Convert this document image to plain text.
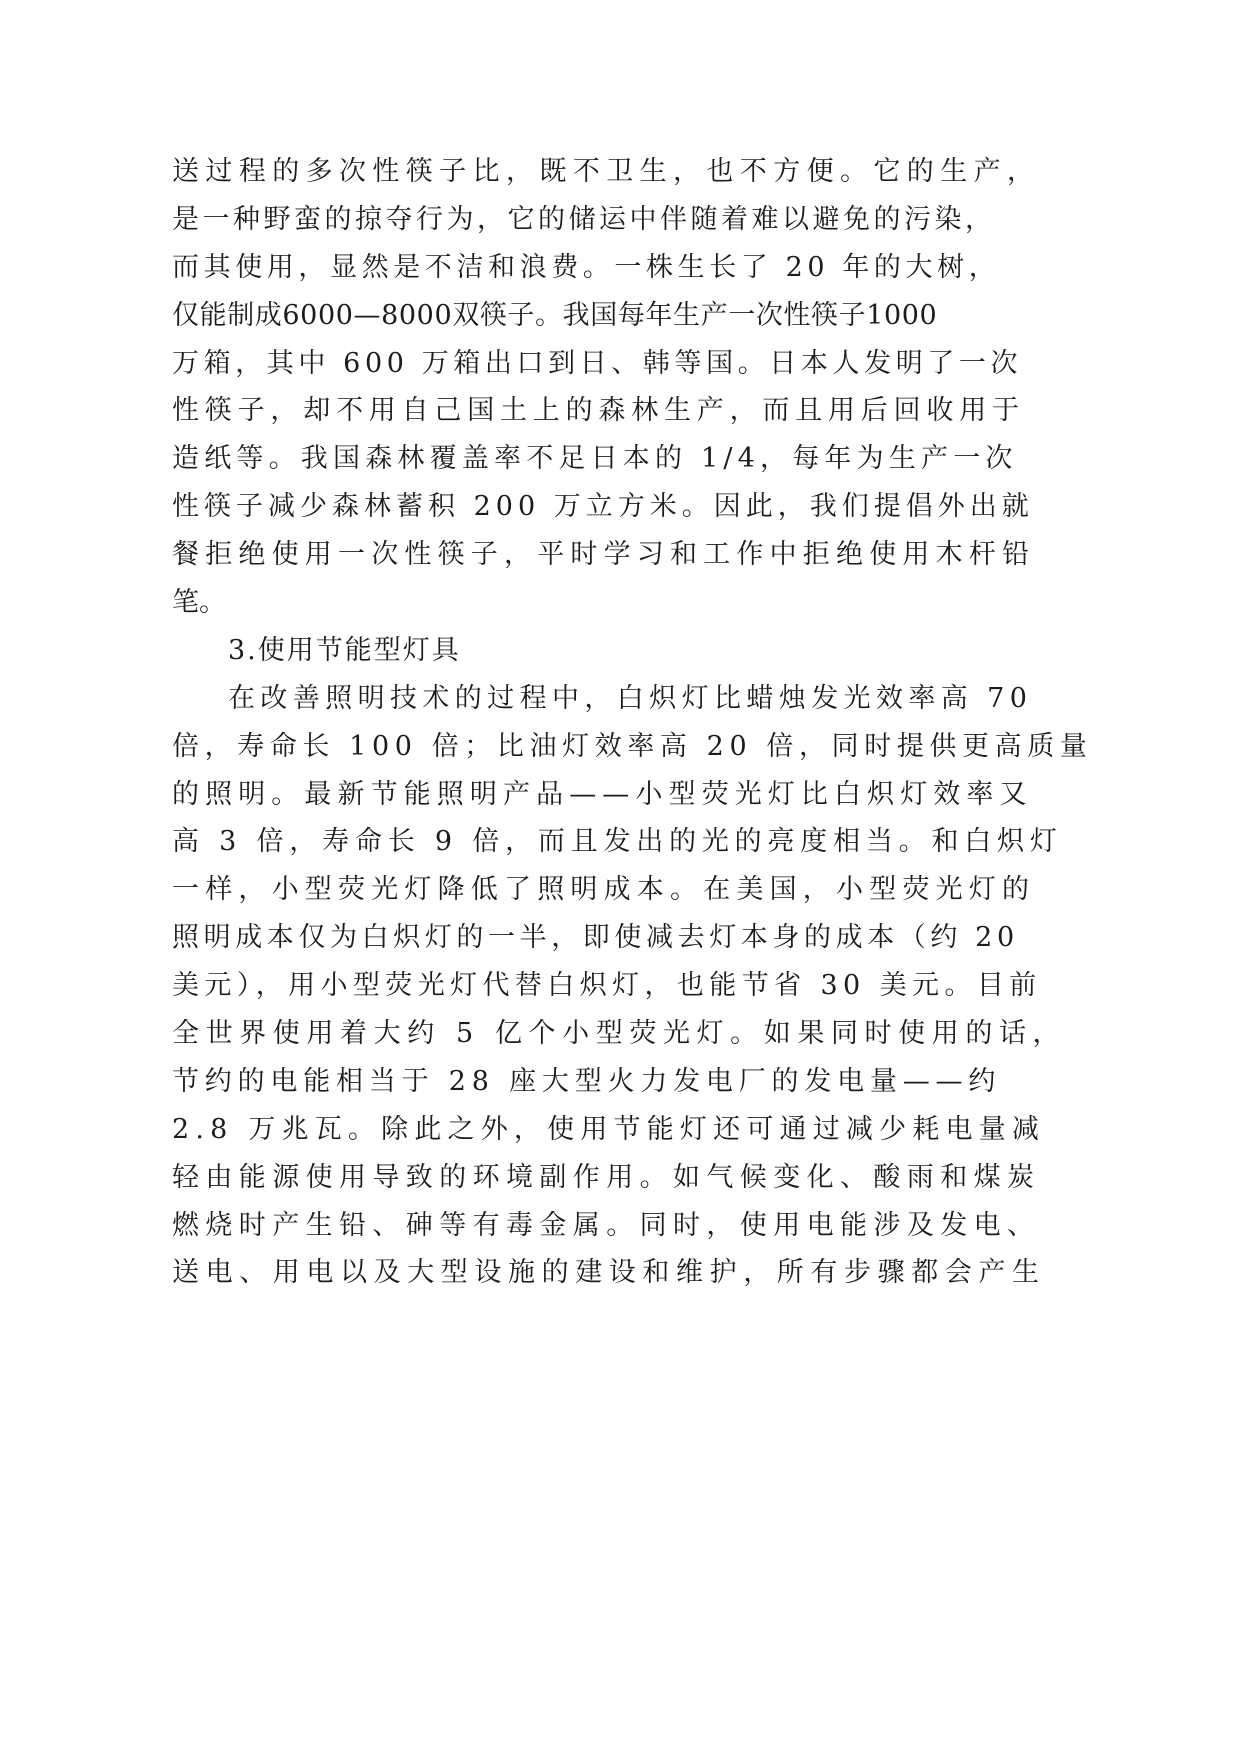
送过程的多次性筷子比，既不卫生，也不方便。它的生产，
是一种野蛮的掠夺行为，它的储运中伴随着难以避免的污染，
而其使用，显然是不洁和浪费。一株生长了 20 年的大树，
仅能制成6000—8000双筷子。我国每年生产一次性筷子1000
万箱，其中 600 万箱出口到日、韩等国。日本人发明了一次
性筷子，却不用自己国土上的森林生产，而且用后回收用于
造纸等。我国森林覆盖率不足日本的 1/4，每年为生产一次
性筷子减少森林蓄积 200 万立方米。因此，我们提倡外出就
餐拒绝使用一次性筷子，平时学习和工作中拒绝使用木杆铅
笔。
3.使用节能型灯具
在改善照明技术的过程中，白炽灯比蜡烛发光效率高 70
倍，寿命长 100 倍；比油灯效率高 20 倍，同时提供更高质量
的照明。最新节能照明产品——小型荧光灯比白炽灯效率又
高 3 倍，寿命长 9 倍，而且发出的光的亮度相当。和白炽灯
一样，小型荧光灯降低了照明成本。在美国，小型荧光灯的
照明成本仅为白炽灯的一半，即使减去灯本身的成本（约 20
美元），用小型荧光灯代替白炽灯，也能节省 30 美元。目前
全世界使用着大约 5 亿个小型荧光灯。如果同时使用的话，
节约的电能相当于 28 座大型火力发电厂的发电量——约
2.8 万兆瓦。除此之外，使用节能灯还可通过减少耗电量减
轻由能源使用导致的环境副作用。如气候变化、酸雨和煤炭
燃烧时产生铅、砷等有毒金属。同时，使用电能涉及发电、
送电、用电以及大型设施的建设和维护，所有步骤都会产生
